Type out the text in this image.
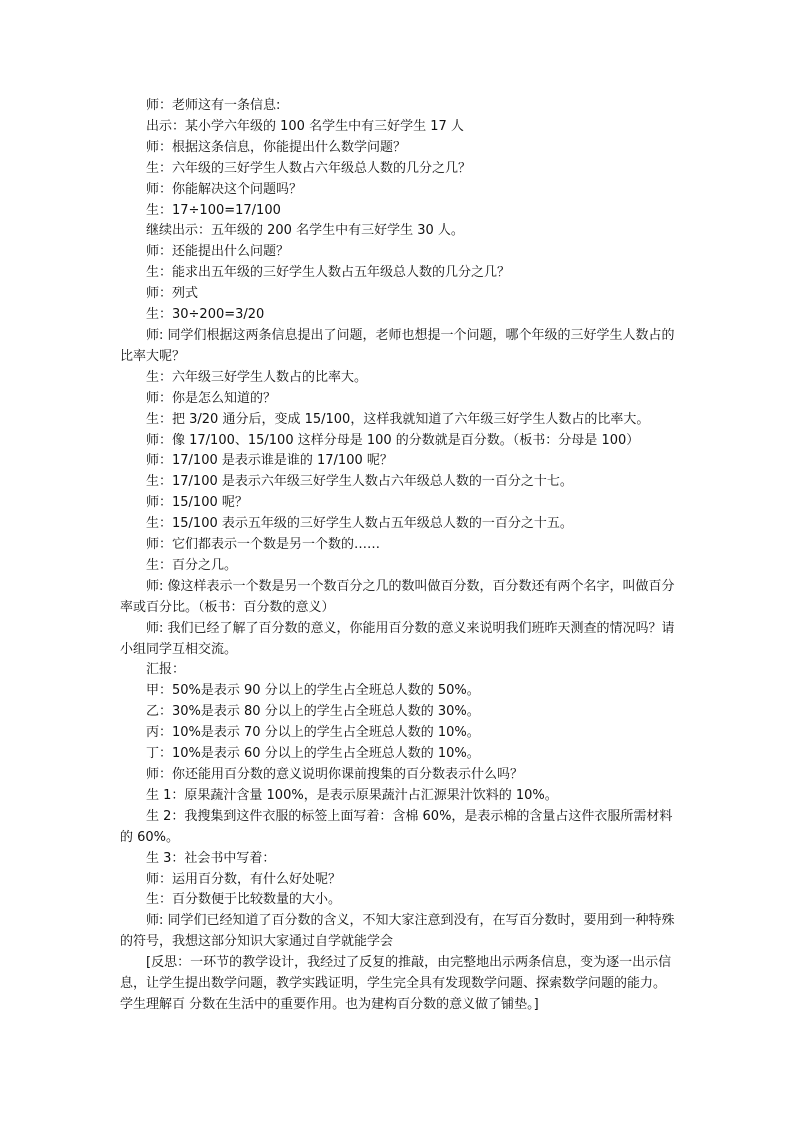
师：老师这有一条信息:

出示：某小学六年级的 100 名学生中有三好学生 17 人

师：根据这条信息，你能提出什么数学问题？

生：六年级的三好学生人数占六年级总人数的几分之几？

师：你能解决这个问题吗？

生：17÷100=17/100

继续出示：五年级的 200 名学生中有三好学生 30 人。

师：还能提出什么问题？

生：能求出五年级的三好学生人数占五年级总人数的几分之几？

师：列式

生：30÷200=3/20

师: 同学们根据这两条信息提出了问题，老师也想提一个问题，哪个年级的三好学生人数占的比率大呢？

生：六年级三好学生人数占的比率大。

师：你是怎么知道的？

生：把 3/20 通分后，变成 15/100，这样我就知道了六年级三好学生人数占的比率大。

师：像 17/100、15/100 这样分母是 100 的分数就是百分数。（板书：分母是 100）

师：17/100 是表示谁是谁的 17/100 呢？

生：17/100 是表示六年级三好学生人数占六年级总人数的一百分之十七。

师：15/100 呢？

生：15/100 表示五年级的三好学生人数占五年级总人数的一百分之十五。

师：它们都表示一个数是另一个数的……

生：百分之几。

师: 像这样表示一个数是另一个数百分之几的数叫做百分数，百分数还有两个名字，叫做百分率或百分比。（板书：百分数的意义）

师: 我们已经了解了百分数的意义，你能用百分数的意义来说明我们班昨天测查的情况吗？请小组同学互相交流。

汇报：

甲：50%是表示 90 分以上的学生占全班总人数的 50%。

乙：30%是表示 80 分以上的学生占全班总人数的 30%。

丙：10%是表示 70 分以上的学生占全班总人数的 10%。

丁：10%是表示 60 分以上的学生占全班总人数的 10%。

师：你还能用百分数的意义说明你课前搜集的百分数表示什么吗？

生 1：原果蔬汁含量 100%，是表示原果蔬汁占汇源果汁饮料的 10%。

生 2：我搜集到这件衣服的标签上面写着：含棉 60%，是表示棉的含量占这件衣服所需材料的 60%。

生 3：社会书中写着：

师：运用百分数，有什么好处呢？

生：百分数便于比较数量的大小。

师: 同学们已经知道了百分数的含义，不知大家注意到没有，在写百分数时，要用到一种特殊的符号，我想这部分知识大家通过自学就能学会

[反思：一环节的教学设计，我经过了反复的推敲，由完整地出示两条信息，变为逐一出示信息，让学生提出数学问题，教学实践证明，学生完全具有发现数学问题、探索数学问题的能力。学生理解百 分数在生活中的重要作用。也为建构百分数的意义做了铺垫。]
